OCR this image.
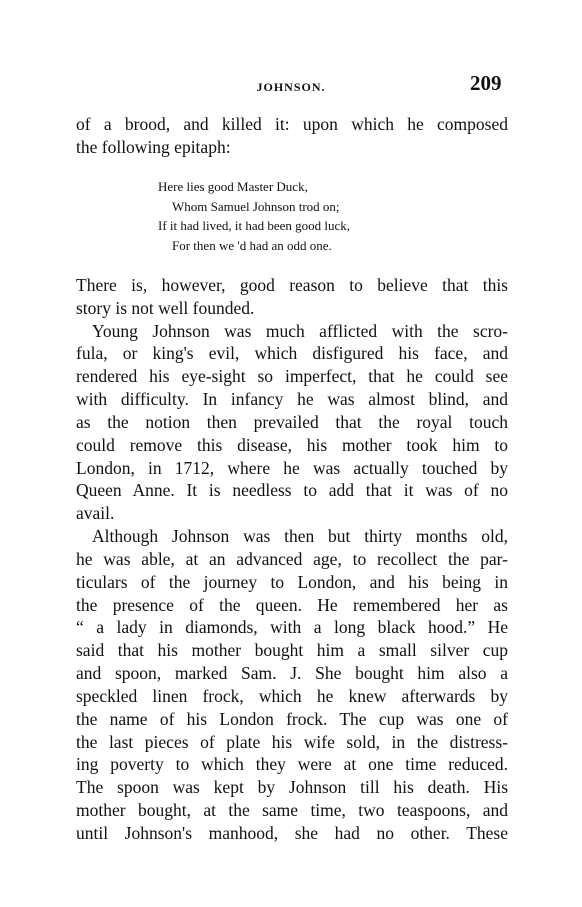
JOHNSON.	209

of a brood, and killed it: upon which he composed

the following epitaph:

Here lies good Master Duck,

Whom Samuel Johnson trod on;

If it had lived, it had been good luck,

For then we 'd had an odd one.

There is, however, good reason to believe that this

story is not well founded.

Young Johnson was much afflicted with the scro-

fula, or king's evil, which disfigured his face, and

rendered his eye-sight so imperfect, that he could see

with difficulty. In infancy he was almost blind, and

as the notion then prevailed that the royal touch

could remove this disease, his mother took him to

London, in 1712, where he was actually touched by

Queen Anne. It is needless to add that it was of no

avail.

Although Johnson was then but thirty months old,

he was able, at an advanced age, to recollect the par-

ticulars of the journey to London, and his being in

the presence of the queen. He remembered her as

“ a lady in diamonds, with a long black hood.” He

said that his mother bought him a small silver cup

and spoon, marked Sam. J. She bought him also a

speckled linen frock, which he knew afterwards by

the name of his London frock. The cup was one of

the last pieces of plate his wife sold, in the distress-

ing poverty to which they were at one time reduced.

The spoon was kept by Johnson till his death. His

mother bought, at the same time, two teaspoons, and

until Johnson's manhood, she had no other. These
